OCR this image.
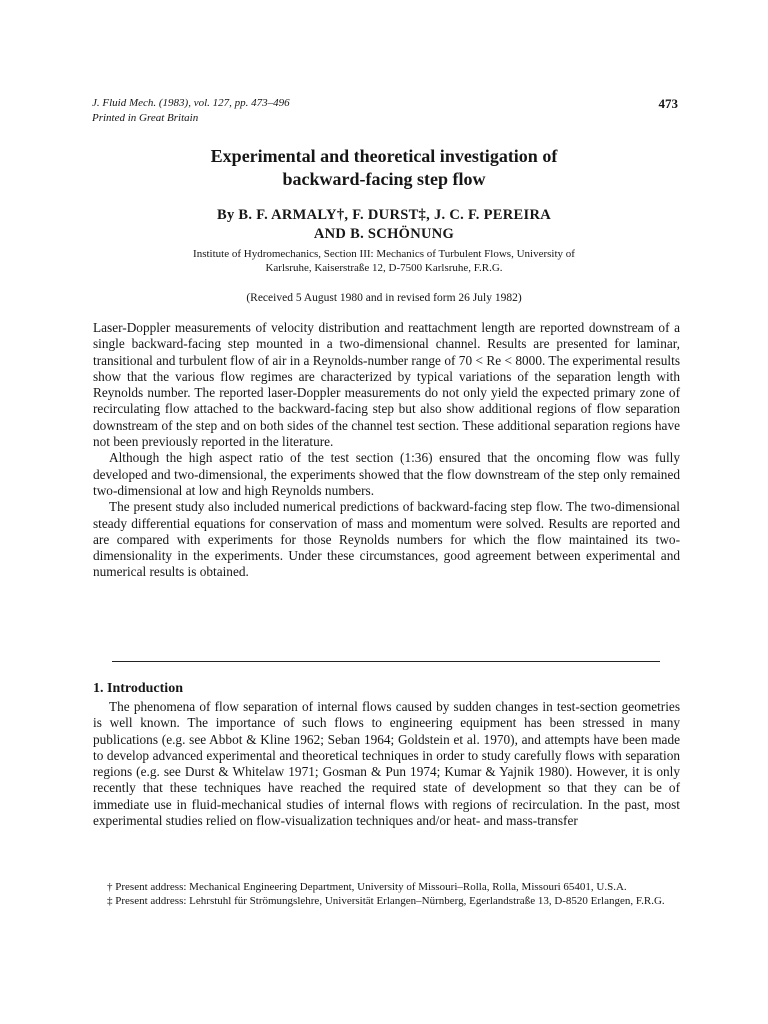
J. Fluid Mech. (1983), vol. 127, pp. 473–496
Printed in Great Britain
473
Experimental and theoretical investigation of
backward-facing step flow
By B. F. ARMALY†, F. DURST‡, J. C. F. PEREIRA
AND B. SCHÖNUNG
Institute of Hydromechanics, Section III: Mechanics of Turbulent Flows, University of
Karlsruhe, Kaiserstraße 12, D-7500 Karlsruhe, F.R.G.
(Received 5 August 1980 and in revised form 26 July 1982)

Laser-Doppler measurements of velocity distribution and reattachment length are reported downstream of a single backward-facing step mounted in a two-dimensional channel. Results are presented for laminar, transitional and turbulent flow of air in a Reynolds-number range of 70 < Re < 8000. The experimental results show that the various flow regimes are characterized by typical variations of the separation length with Reynolds number. The reported laser-Doppler measurements do not only yield the expected primary zone of recirculating flow attached to the backward-facing step but also show additional regions of flow separation downstream of the step and on both sides of the channel test section. These additional separation regions have not been previously reported in the literature.

Although the high aspect ratio of the test section (1:36) ensured that the oncoming flow was fully developed and two-dimensional, the experiments showed that the flow downstream of the step only remained two-dimensional at low and high Reynolds numbers.

The present study also included numerical predictions of backward-facing step flow. The two-dimensional steady differential equations for conservation of mass and momentum were solved. Results are reported and are compared with experiments for those Reynolds numbers for which the flow maintained its two-dimensionality in the experiments. Under these circumstances, good agreement between experimental and numerical results is obtained.

1. Introduction

The phenomena of flow separation of internal flows caused by sudden changes in test-section geometries is well known. The importance of such flows to engineering equipment has been stressed in many publications (e.g. see Abbot & Kline 1962; Seban 1964; Goldstein et al. 1970), and attempts have been made to develop advanced experimental and theoretical techniques in order to study carefully flows with separation regions (e.g. see Durst & Whitelaw 1971; Gosman & Pun 1974; Kumar & Yajnik 1980). However, it is only recently that these techniques have reached the required state of development so that they can be of immediate use in fluid-mechanical studies of internal flows with regions of recirculation. In the past, most experimental studies relied on flow-visualization techniques and/or heat- and mass-transfer

† Present address: Mechanical Engineering Department, University of Missouri–Rolla, Rolla, Missouri 65401, U.S.A.

‡ Present address: Lehrstuhl für Strömungslehre, Universität Erlangen–Nürnberg, Egerlandstraße 13, D-8520 Erlangen, F.R.G.
